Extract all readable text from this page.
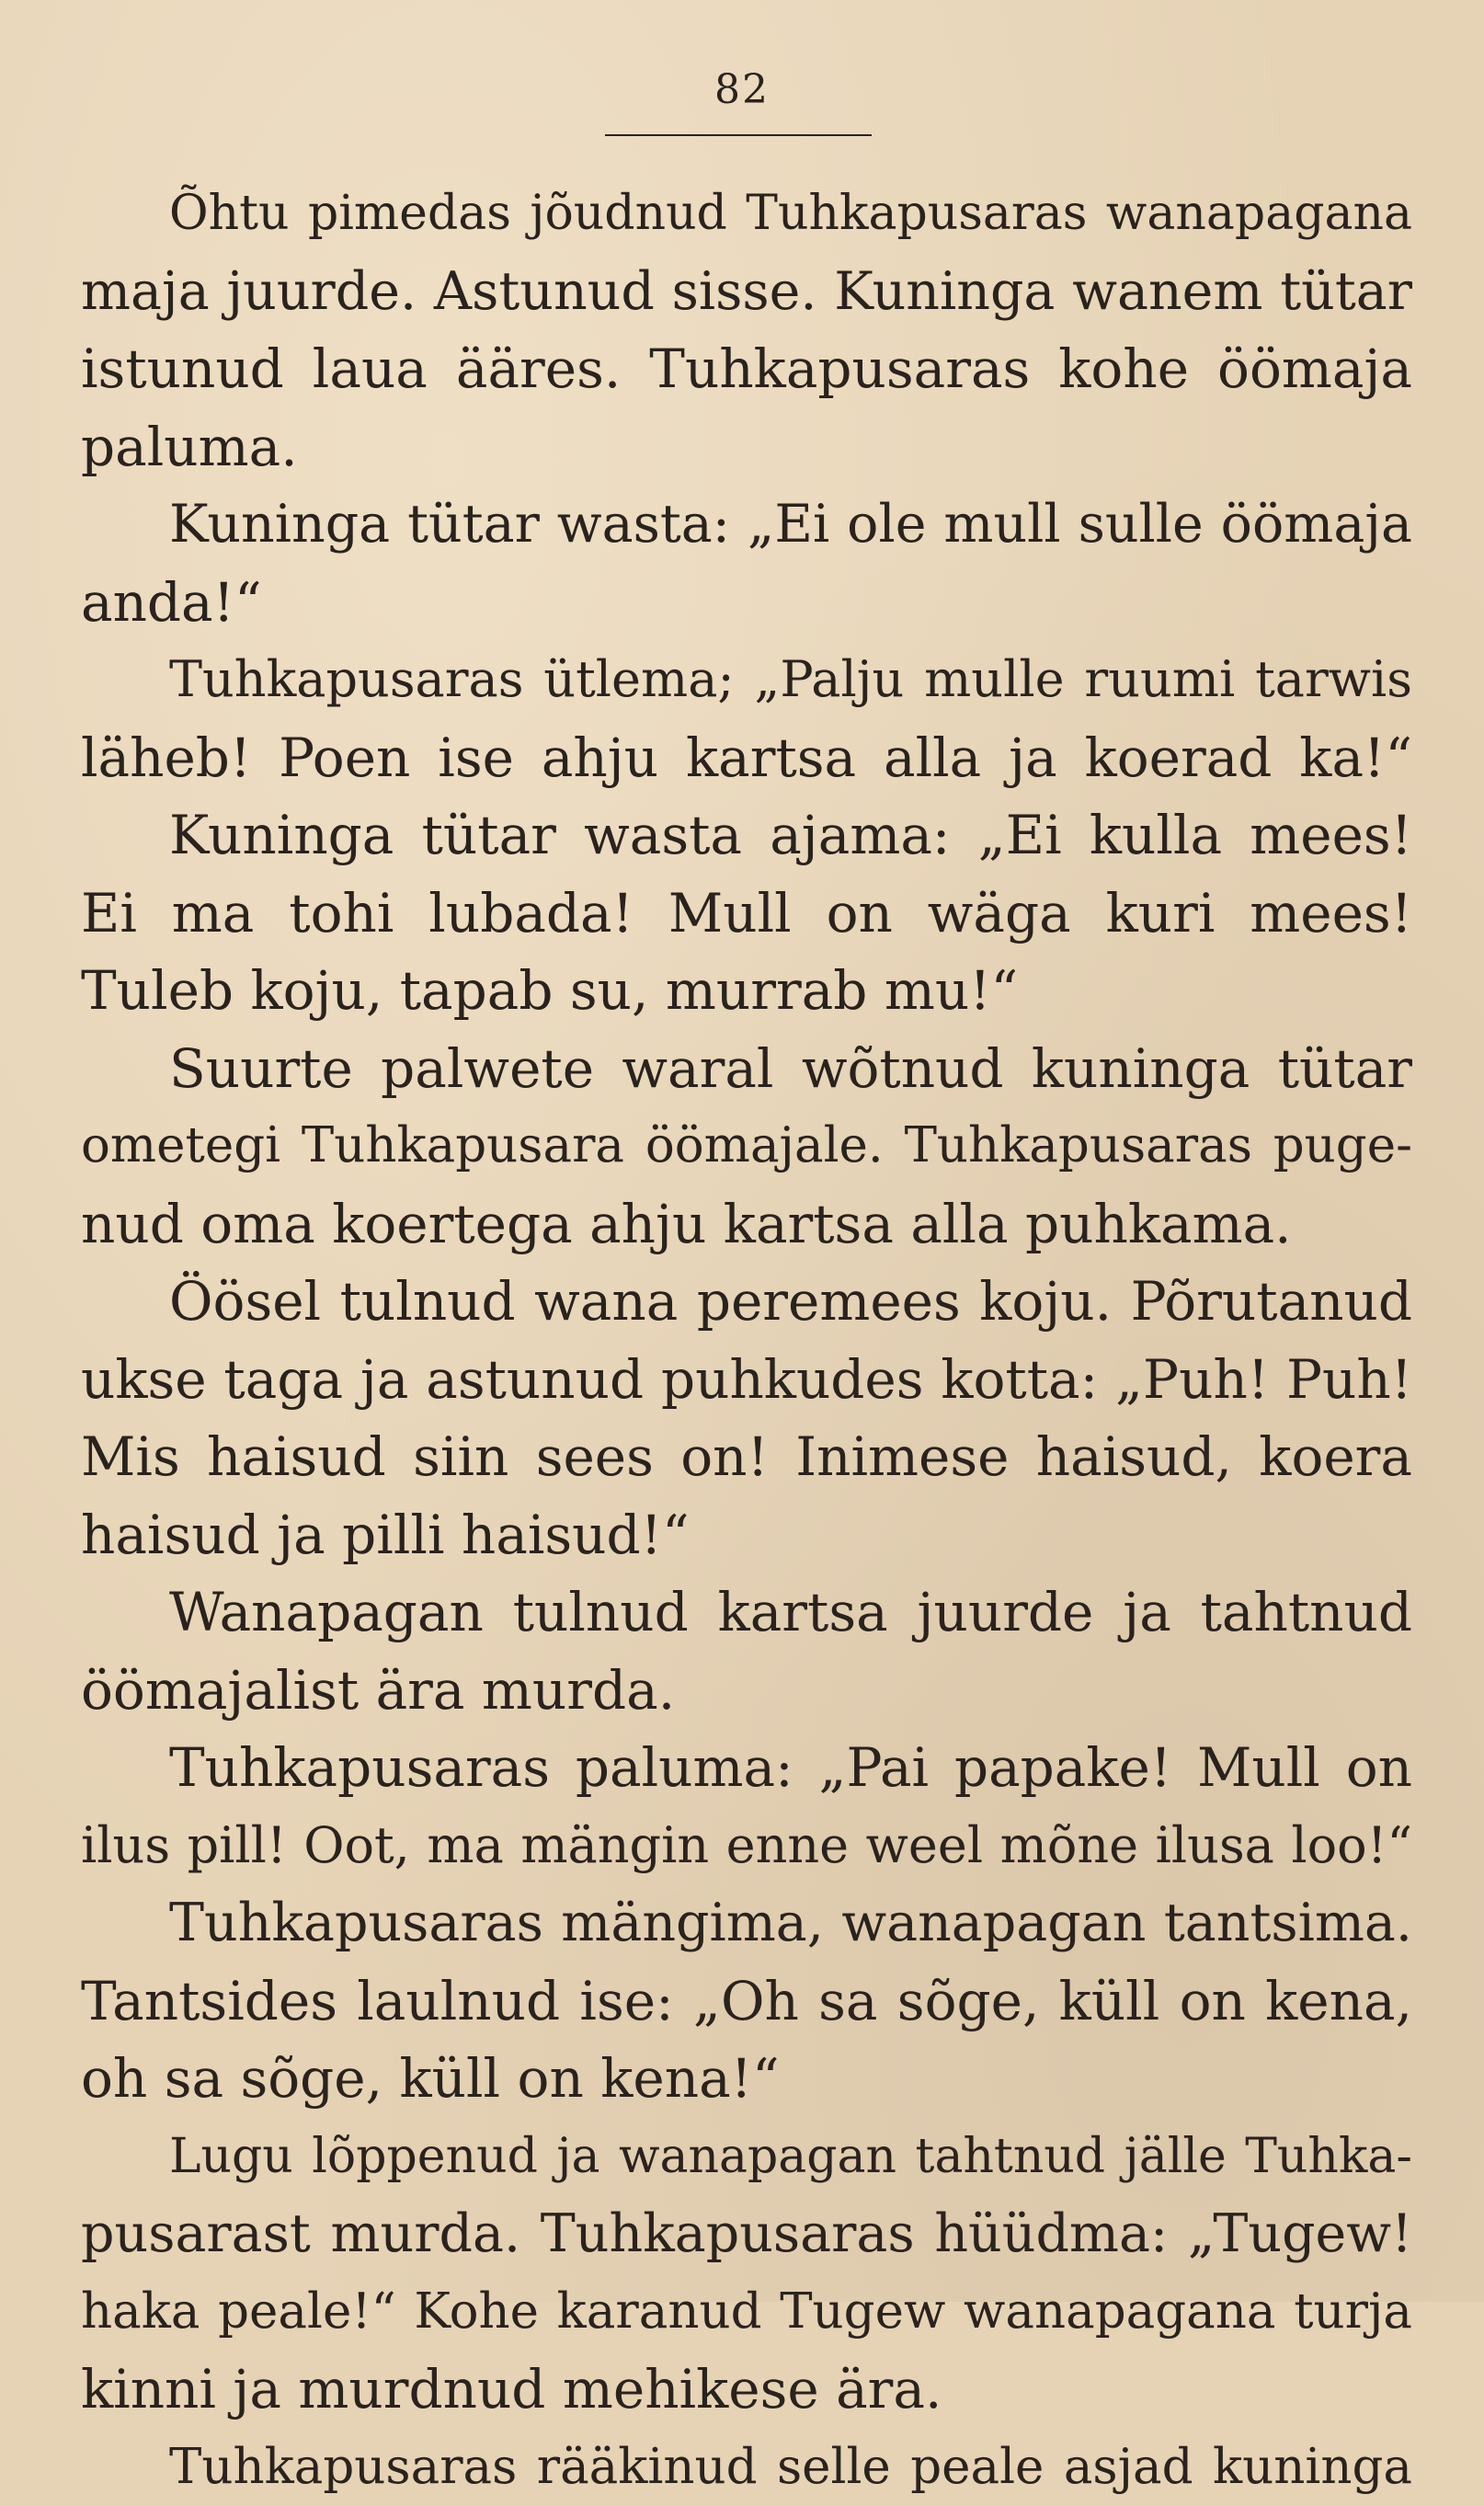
82
Õhtu pimedas jõudnud Tuhkapusaras wanapagana
maja juurde. Astunud sisse. Kuninga wanem tütar
istunud laua ääres. Tuhkapusaras kohe öömaja
paluma.
Kuninga tütar wasta: „Ei ole mull sulle öömaja
anda!“
Tuhkapusaras ütlema; „Palju mulle ruumi tarwis
läheb! Poen ise ahju kartsa alla ja koerad ka!“
Kuninga tütar wasta ajama: „Ei kulla mees!
Ei ma tohi lubada! Mull on wäga kuri mees!
Tuleb koju, tapab su, murrab mu!“
Suurte palwete waral wõtnud kuninga tütar
ometegi Tuhkapusara öömajale. Tuhkapusaras puge-
nud oma koertega ahju kartsa alla puhkama.
Öösel tulnud wana peremees koju. Põrutanud
ukse taga ja astunud puhkudes kotta: „Puh! Puh!
Mis haisud siin sees on! Inimese haisud, koera
haisud ja pilli haisud!“
Wanapagan tulnud kartsa juurde ja tahtnud
öömajalist ära murda.
Tuhkapusaras paluma: „Pai papake! Mull on
ilus pill! Oot, ma mängin enne weel mõne ilusa loo!“
Tuhkapusaras mängima, wanapagan tantsima.
Tantsides laulnud ise: „Oh sa sõge, küll on kena,
oh sa sõge, küll on kena!“
Lugu lõppenud ja wanapagan tahtnud jälle Tuhka-
pusarast murda. Tuhkapusaras hüüdma: „Tugew!
haka peale!“ Kohe karanud Tugew wanapagana turja
kinni ja murdnud mehikese ära.
Tuhkapusaras rääkinud selle peale asjad kuninga
